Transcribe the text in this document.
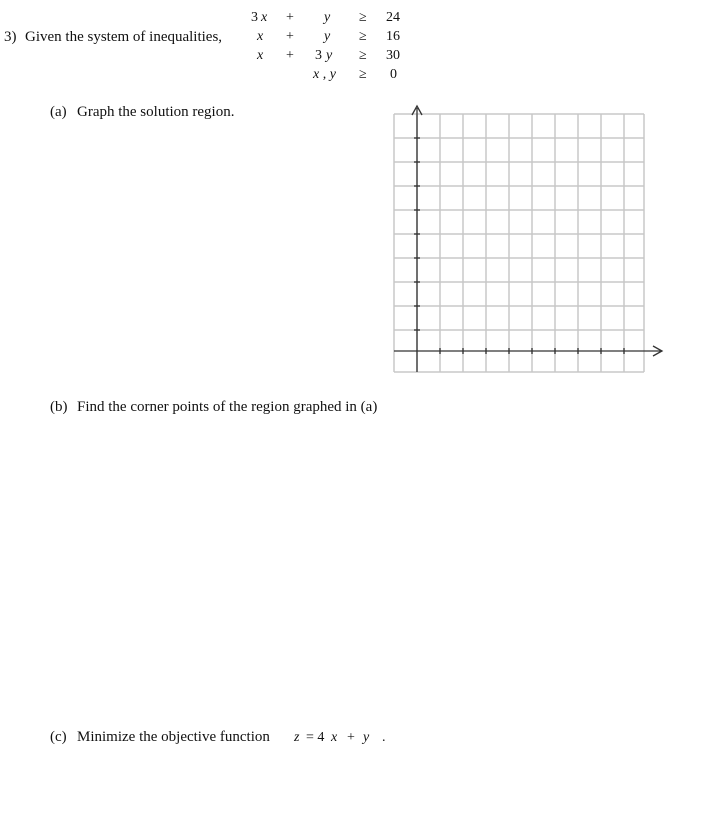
3) Given the system of inequalities,
3 x + y ≥ 24
x + y ≥ 16
x + 3 y ≥ 30
x , y ≥ 0
(a) Graph the solution region.
(b) Find the corner points of the region graphed in (a)
(c) Minimize the objective function z = 4 x + y .
